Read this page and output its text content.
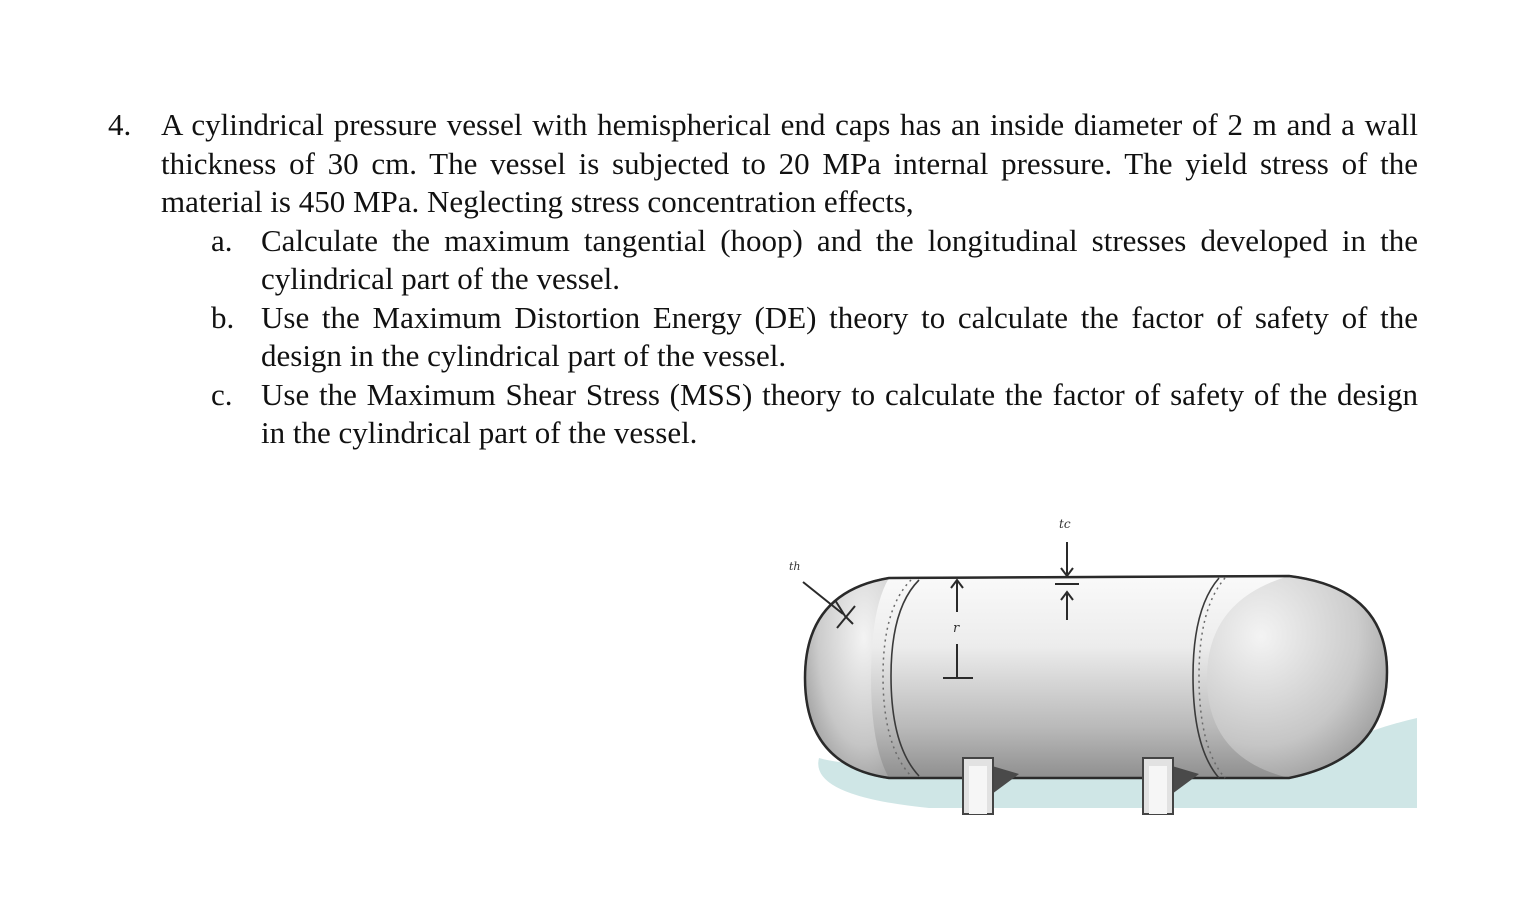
4. A cylindrical pressure vessel with hemispherical end caps has an inside diameter of 2 m and a wall thickness of 30 cm. The vessel is subjected to 20 MPa internal pressure. The yield stress of the material is 450 MPa. Neglecting stress concentration effects,
a. Calculate the maximum tangential (hoop) and the longitudinal stresses developed in the cylindrical part of the vessel.
b. Use the Maximum Distortion Energy (DE) theory to calculate the factor of safety of the design in the cylindrical part of the vessel.
c. Use the Maximum Shear Stress (MSS) theory to calculate the factor of safety of the design in the cylindrical part of the vessel.
r
tc
th
